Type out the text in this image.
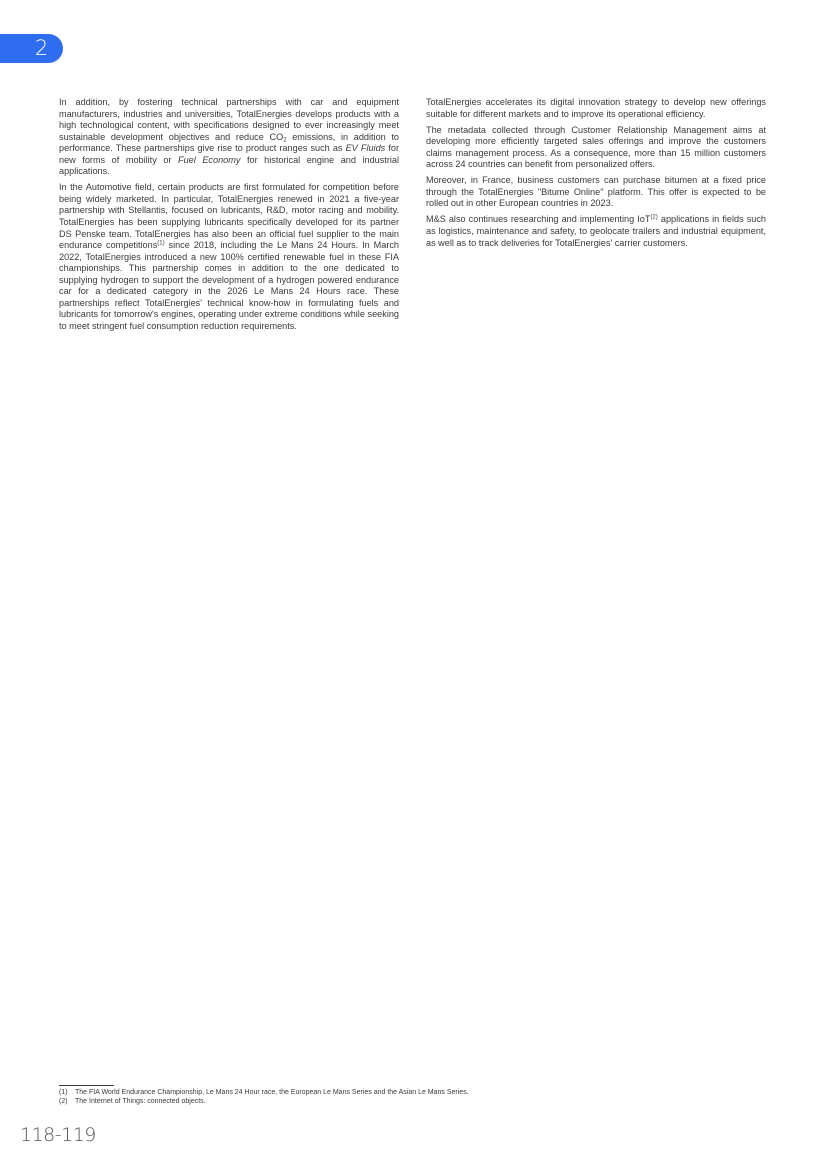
2

In addition, by fostering technical partnerships with car and equipment manufacturers, industries and universities, TotalEnergies develops products with a high technological content, with specifications designed to ever increasingly meet sustainable development objectives and reduce $CO_2$ emissions, in addition to performance. These partnerships give rise to product ranges such as EV Fluids for new forms of mobility or Fuel Economy for historical engine and industrial applications.

In the Automotive field, certain products are first formulated for competition before being widely marketed. In particular, TotalEnergies renewed in 2021 a five-year partnership with Stellantis, focused on lubricants, R&D, motor racing and mobility. TotalEnergies has been supplying lubricants specifically developed for its partner DS Penske team. TotalEnergies has also been an official fuel supplier to the main endurance competitions$^{(1)}$ since 2018, including the Le Mans 24 Hours. In March 2022, TotalEnergies introduced a new 100% certified renewable fuel in these FIA championships. This partnership comes in addition to the one dedicated to supplying hydrogen to support the development of a hydrogen powered endurance car for a dedicated category in the 2026 Le Mans 24 Hours race. These partnerships reflect TotalEnergies' technical know-how in formulating fuels and lubricants for tomorrow's engines, operating under extreme conditions while seeking to meet stringent fuel consumption reduction requirements.

TotalEnergies accelerates its digital innovation strategy to develop new offerings suitable for different markets and to improve its operational efficiency.

The metadata collected through Customer Relationship Management aims at developing more efficiently targeted sales offerings and improve the customers claims management process. As a consequence, more than 15 million customers across 24 countries can benefit from personalized offers.

Moreover, in France, business customers can purchase bitumen at a fixed price through the TotalEnergies "Bitume Online" platform. This offer is expected to be rolled out in other European countries in 2023.

M&S also continues researching and implementing IoT$^{(2)}$ applications in fields such as logistics, maintenance and safety, to geolocate trailers and industrial equipment, as well as to track deliveries for TotalEnergies' carrier customers.

(1)	The FIA World Endurance Championship, Le Mans 24 Hour race, the European Le Mans Series and the Asian Le Mans Series.
(2)	The Internet of Things: connected objects.
118-119
